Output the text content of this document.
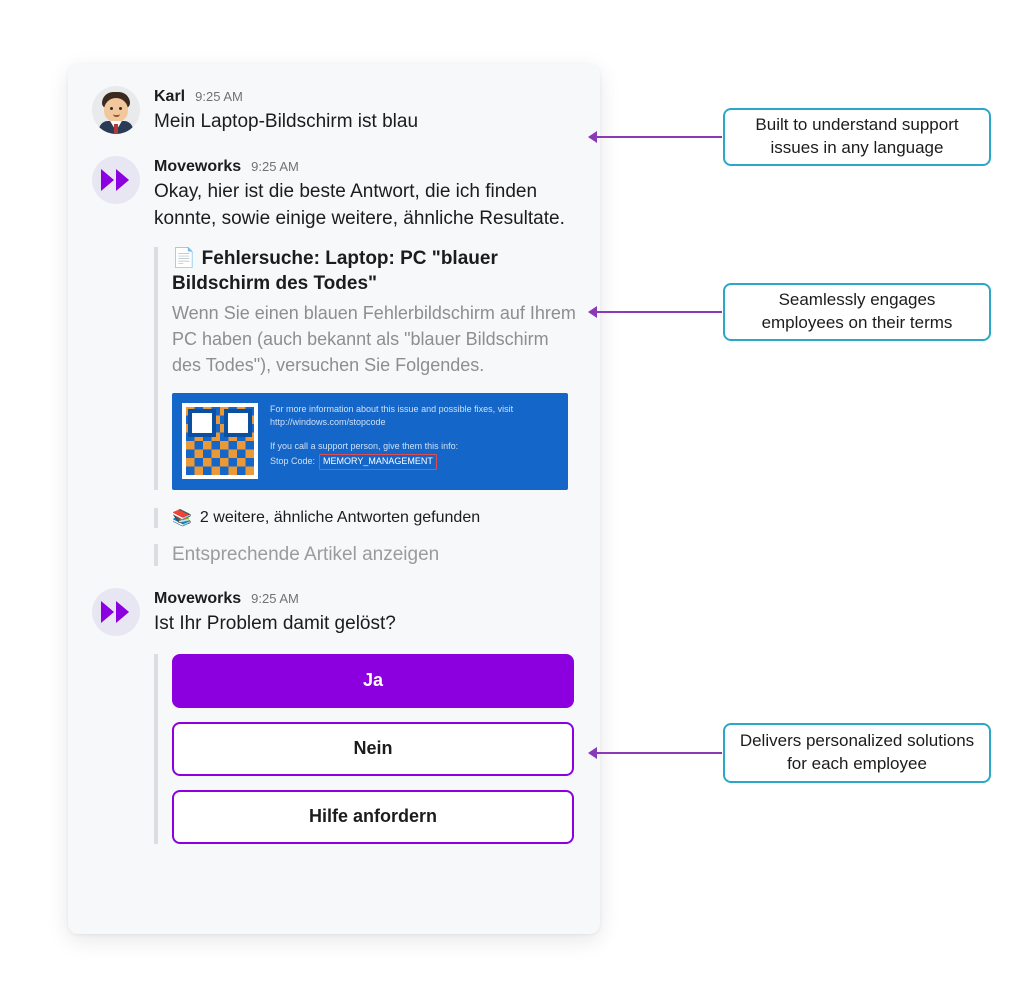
Karl 9:25 AM
Mein Laptop-Bildschirm ist blau
Moveworks 9:25 AM
Okay, hier ist die beste Antwort, die ich finden konnte, sowie einige weitere, ähnliche Resultate.
📄 Fehlersuche: Laptop: PC "blauer Bildschirm des Todes"
Wenn Sie einen blauen Fehlerbildschirm auf Ihrem PC haben (auch bekannt als "blauer Bildschirm des Todes"), versuchen Sie Folgendes.
For more information about this issue and possible fixes, visit
http://windows.com/stopcode
If you call a support person, give them this info:
Stop Code: MEMORY_MANAGEMENT
📚 2 weitere, ähnliche Antworten gefunden
Entsprechende Artikel anzeigen
Moveworks 9:25 AM
Ist Ihr Problem damit gelöst?
Ja
Nein
Hilfe anfordern
Built to understand support issues in any language
Seamlessly engages employees on their terms
Delivers personalized solutions for each employee
